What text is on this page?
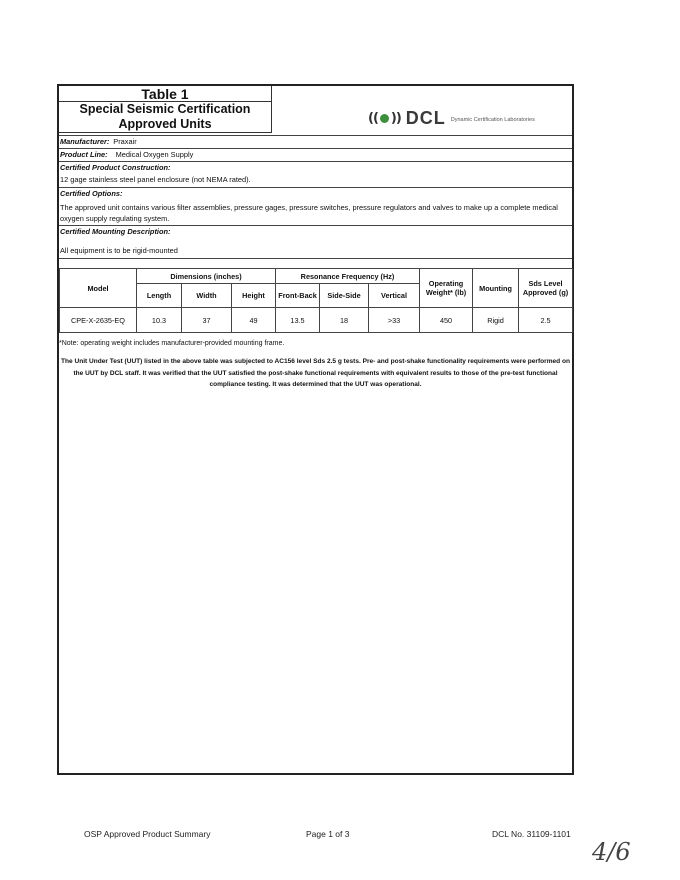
Table 1
Special Seismic Certification
Approved Units	(( )) DCL Dynamic Certification Laboratories
Manufacturer: Praxair
Product Line: Medical Oxygen Supply
Certified Product Construction:
12 gage stainless steel panel enclosure (not NEMA rated).
Certified Options:
The approved unit contains various filter assemblies, pressure gages, pressure switches, pressure regulators and valves to make up a complete medical oxygen supply regulating system.
Certified Mounting Description:
All equipment is to be rigid-mounted
Model	Dimensions (inches)			Resonance Frequency (Hz)			Operating Weight* (lb)	Mounting	Sds Level Approved (g)
	Length	Width	Height	Front-Back	Side-Side	Vertical			
CPE-X-2635-EQ	10.3	37	49	13.5	18	>33	450	Rigid	2.5
*Note: operating weight includes manufacturer-provided mounting frame.
The Unit Under Test (UUT) listed in the above table was subjected to AC156 level Sds 2.5 g tests. Pre- and post-shake functionality requirements were performed on the UUT by DCL staff. It was verified that the UUT satisfied the post-shake functional requirements with equivalent results to those of the pre-test functional compliance testing. It was determined that the UUT was operational.
OSP Approved Product Summary	Page 1 of 3	DCL No. 31109-1101
4/6
